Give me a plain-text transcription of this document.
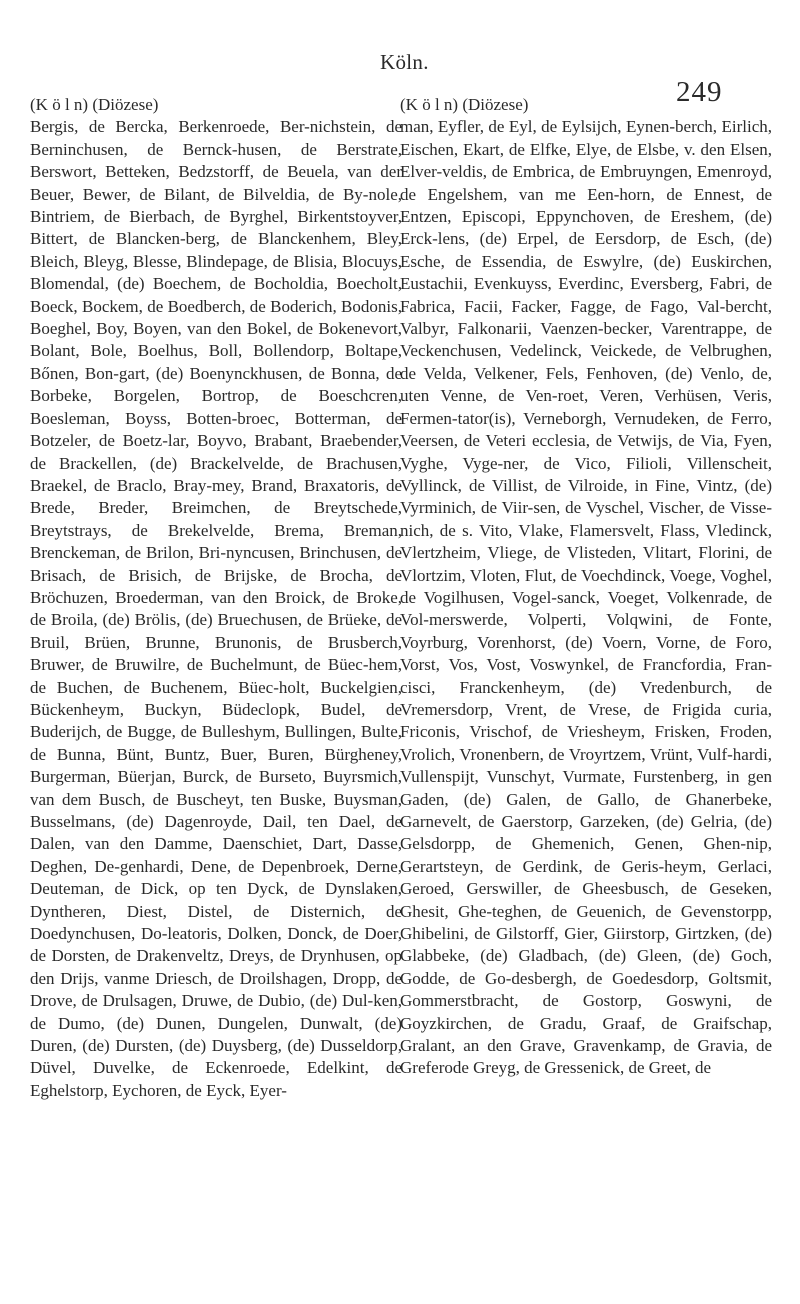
Köln.
249
(K ö l n) (Diözese)
Bergis, de Bercka, Berkenroede, Ber-nichstein, de Berninchusen, de Bernck-husen, de Berstrate, Berswort, Betteken, Bedzstorff, de Beuela, van der Beuer, Bewer, de Bilant, de Bilveldia, de By-nole, Bintriem, de Bierbach, de Byrghel, Birkentstoyver, Bittert, de Blancken-berg, de Blanckenhem, Bley, Bleich, Bleyg, Blesse, Blindepage, de Blisia, Blocuys, Blomendal, (de) Boechem, de Bocholdia, Boecholt, Boeck, Bockem, de Boedberch, de Boderich, Bodonis, Boeghel, Boy, Boyen, van den Bokel, de Bokenevort, Bolant, Bole, Boelhus, Boll, Bollendorp, Boltape, Bőnen, Bon-gart, (de) Boenynckhusen, de Bonna, de Borbeke, Borgelen, Bortrop, de Boeschcren, Boesleman, Boyss, Botten-broec, Botterman, de Botzeler, de Boetz-lar, Boyvo, Brabant, Braebender, de Brackellen, (de) Brackelvelde, de Brachusen, Braekel, de Braclo, Bray-mey, Brand, Braxatoris, de Brede, Breder, Breimchen, de Breytschede, Breytstrays, de Brekelvelde, Brema, Breman, Brenckeman, de Brilon, Bri-nyncusen, Brinchusen, de Brisach, de Brisich, de Brijske, de Brocha, de Bröchuzen, Broederman, van den Broick, de Broke, de Broila, (de) Brölis, (de) Bruechusen, de Brüeke, de Bruil, Brüen, Brunne, Brunonis, de Brusberch, Bruwer, de Bruwilre, de Buchelmunt, de Büec-hem, de Buchen, de Buchenem, Büec-holt, Buckelgien, Bückenheym, Buckyn, Büdeclopk, Budel, de Buderijch, de Bugge, de Bulleshym, Bullingen, Bulte, de Bunna, Bünt, Buntz, Buer, Buren, Bürgheney, Burgerman, Büerjan, Burck, de Burseto, Buyrsmich, van dem Busch, de Buscheyt, ten Buske, Buysman, Busselmans, (de) Dagenroyde, Dail, ten Dael, de Dalen, van den Damme, Daenschiet, Dart, Dasse, Deghen, De-genhardi, Dene, de Depenbroek, Derne, Deuteman, de Dick, op ten Dyck, de Dynslaken, Dyntheren, Diest, Distel, de Disternich, de Doedynchusen, Do-leatoris, Dolken, Donck, de Doer, de Dorsten, de Drakenveltz, Dreys, de Drynhusen, op den Drijs, vanme Driesch, de Droilshagen, Dropp, de Drove, de Drulsagen, Druwe, de Dubio, (de) Dul-ken, de Dumo, (de) Dunen, Dungelen, Dunwalt, (de) Duren, (de) Dursten, (de) Duysberg, (de) Dusseldorp, Düvel, Duvelke, de Eckenroede, Edelkint, de Eghelstorp, Eychoren, de Eyck, Eyer-
(K ö l n) (Diözese)
man, Eyfler, de Eyl, de Eylsijch, Eynen-berch, Eirlich, Eischen, Ekart, de Elfke, Elye, de Elsbe, v. den Elsen, Elver-veldis, de Embrica, de Embruyngen, Emenroyd, de Engelshem, van me Een-horn, de Ennest, de Entzen, Episcopi, Eppynchoven, de Ereshem, (de) Erck-lens, (de) Erpel, de Eersdorp, de Esch, (de) Esche, de Essendia, de Eswylre, (de) Euskirchen, Eustachii, Evenkuyss, Everdinc, Eversberg, Fabri, de Fabrica, Facii, Facker, Fagge, de Fago, Val-bercht, Valbyr, Falkonarii, Vaenzen-becker, Varentrappe, de Veckenchusen, Vedelinck, Veickede, de Velbrughen, de Velda, Velkener, Fels, Fenhoven, (de) Venlo, de, uten Venne, de Ven-roet, Veren, Verhüsen, Veris, Fermen-tator(is), Verneborgh, Vernudeken, de Ferro, Veersen, de Veteri ecclesia, de Vetwijs, de Via, Fyen, Vyghe, Vyge-ner, de Vico, Filioli, Villenscheit, Vyllinck, de Villist, de Vilroide, in Fine, Vintz, (de) Vyrminich, de Viir-sen, de Vyschel, Vischer, de Visse-nich, de s. Vito, Vlake, Flamersvelt, Flass, Vledinck, Vlertzheim, Vliege, de Vlisteden, Vlitart, Florini, de Vlortzim, Vloten, Flut, de Voechdinck, Voege, Voghel, de Vogilhusen, Vogel-sanck, Voeget, Volkenrade, de Vol-merswerde, Volperti, Volqwini, de Fonte, Voyrburg, Vorenhorst, (de) Voern, Vorne, de Foro, Vorst, Vos, Vost, Voswynkel, de Francfordia, Fran-cisci, Franckenheym, (de) Vredenburch, de Vremersdorp, Vrent, de Vrese, de Frigida curia, Friconis, Vrischof, de Vriesheym, Frisken, Froden, Vrolich, Vronenbern, de Vroyrtzem, Vrünt, Vulf-hardi, Vullenspijt, Vunschyt, Vurmate, Furstenberg, in gen Gaden, (de) Galen, de Gallo, de Ghanerbeke, Garnevelt, de Gaerstorp, Garzeken, (de) Gelria, (de) Gelsdorpp, de Ghemenich, Genen, Ghen-nip, Gerartsteyn, de Gerdink, de Geris-heym, Gerlaci, Geroed, Gerswiller, de Gheesbusch, de Geseken, Ghesit, Ghe-teghen, de Geuenich, de Gevenstorpp, Ghibelini, de Gilstorff, Gier, Giirstorp, Girtzken, (de) Glabbeke, (de) Gladbach, (de) Gleen, (de) Goch, Godde, de Go-desbergh, de Goedesdorp, Goltsmit, Gommerstbracht, de Gostorp, Goswyni, de Goyzkirchen, de Gradu, Graaf, de Graifschap, Gralant, an den Grave, Gravenkamp, de Gravia, de Greferode Greyg, de Gressenick, de Greet, de
